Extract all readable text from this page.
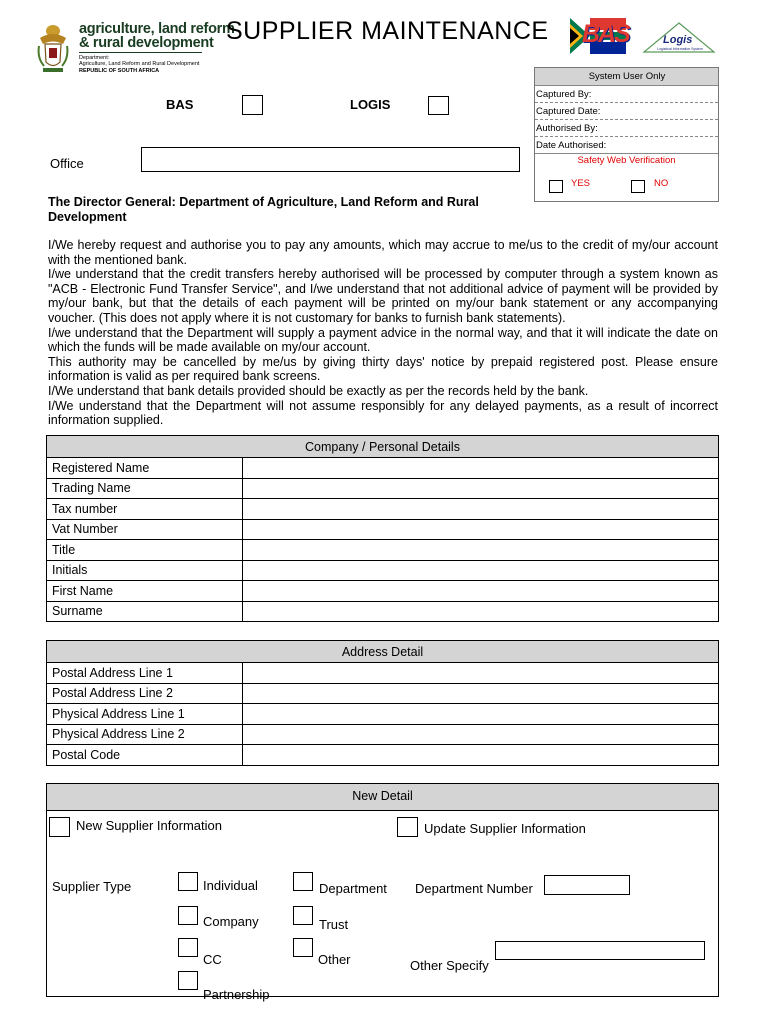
agriculture, land reform
& rural development
Department:
Agriculture, Land Reform and Rural Development
REPUBLIC OF SOUTH AFRICA
SUPPLIER MAINTENANCE BAS	Logis
Logistical Information System
BAS	LOGIS
Office
System User Only
Captured By:
Captured Date:
Authorised By:
Date Authorised:
Safety Web Verification
YES	NO
The Director General: Department of Agriculture, Land Reform and Rural Development

I/We hereby request and authorise you to pay any amounts, which may accrue to me/us to the credit of my/our account with the mentioned bank.

I/we understand that the credit transfers hereby authorised will be processed by computer through a system known as "ACB - Electronic Fund Transfer Service", and I/we understand that not additional advice of payment will be provided by my/our bank, but that the details of each payment will be printed on my/our bank statement or any accompanying voucher. (This does not apply where it is not customary for banks to furnish bank statements).

I/we understand that the Department will supply a payment advice in the normal way, and that it will indicate the date on which the funds will be made available on my/our account.

This authority may be cancelled by me/us by giving thirty days' notice by prepaid registered post. Please ensure information is valid as per required bank screens.

I/We understand that bank details provided should be exactly as per the records held by the bank.

I/We understand that the Department will not assume responsibly for any delayed payments, as a result of incorrect information supplied.

Company / Personal Details	
Registered Name	
Trading Name	
Tax number	
Vat Number	
Title	
Initials	
First Name	
Surname	
Address Detail	
Postal Address Line 1	
Postal Address Line 2	
Physical Address Line 1	
Physical Address Line 2	
Postal Code	
New Detail
New Supplier Information	Update Supplier Information
Supplier Type	Individual	Department Department Number
Company	Trust
CC	Other	Other Specify
Partnership
